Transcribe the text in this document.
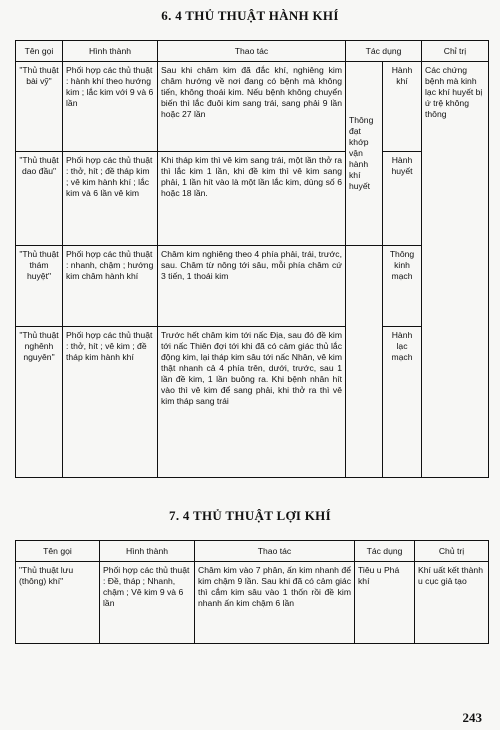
6. 4 THỦ THUẬT HÀNH KHÍ
Tên gọi	Hình thành	Thao tác	Tác dụng		Chỉ trị
"Thủ thuật bài vỹ"	Phối hợp các thủ thuật : hành khí theo hướng kim ; lắc kim với 9 và 6 lần	Sau khi châm kim đã đắc khí, nghiêng kim châm hướng về nơi đang có bệnh mà không tiến, không thoái kim. Nếu bệnh không chuyển biến thì lắc đuôi kim sang trái, sang phải 9 lần hoặc 27 lần	Thông đạt khớp vận hành khí huyết	Hành khí	Các chứng bệnh mà kinh lạc khí huyết bị ứ trệ không thông
"Thủ thuật dao đầu"	Phối hợp các thủ thuật : thở, hít ; đề tháp kim ; vê kim hành khí ; lắc kim và 6 lần vê kim	Khi tháp kim thì vê kim sang trái, một lần thở ra thì lắc kim 1 lần, khi đề kim thì vê kim sang phải, 1 lần hít vào là một lần lắc kim, dùng số 6 hoặc 18 lần.		Hành huyết	
"Thủ thuật thám huyệt"	Phối hợp các thủ thuật : nhanh, chậm ; hướng kim châm hành khí	Châm kim nghiêng theo 4 phía phải, trái, trước, sau. Châm từ nông tới sâu, mỗi phía châm cứ 3 tiến, 1 thoái kim		Thông kinh mạch	
"Thủ thuật nghênh nguyên"	Phối hợp các thủ thuật : thở, hít ; vê kim ; đề tháp kim hành khí	Trước hết châm kim tới nấc Địa, sau đó đề kim tới nấc Thiên đợi tới khi đã có cảm giác thủ lắc động kim, lại tháp kim sâu tới nấc Nhân, vê kim thật nhanh cả 4 phía trên, dưới, trước, sau 1 lần đề kim, 1 lần buông ra. Khi bệnh nhân hít vào thì vê kim để sang phải, khi thở ra thì vê kim tháp sang trái		Hành lạc mạch	
7. 4 THỦ THUẬT LỢI KHÍ
Tên gọi	Hình thành	Thao tác	Tác dụng	Chủ trị
"Thủ thuật lưu (thông) khí"	Phối hợp các thủ thuật : Đề, tháp ; Nhanh, chậm ; Vê kim 9 và 6 lần	Châm kim vào 7 phân, ấn kim nhanh để kim chậm 9 lần. Sau khi đã có cảm giác thì cắm kim sâu vào 1 thốn rồi đề kim nhanh ấn kim chậm 6 lần	Tiêu u Phá khí	Khí uất kết thành u cục giả tạo
243
